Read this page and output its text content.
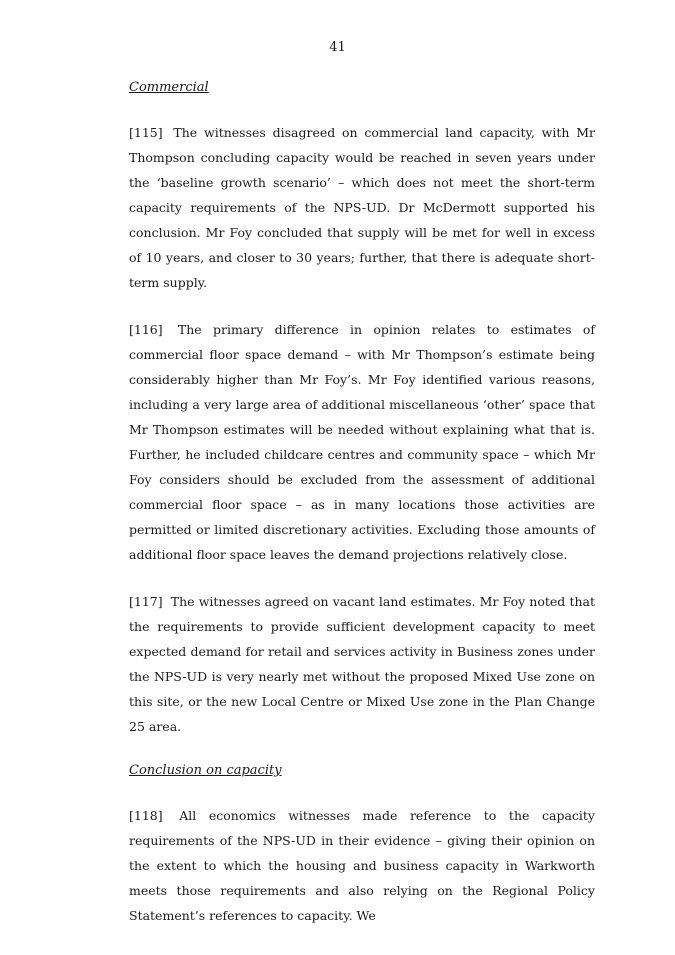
41
Commercial

[115] The witnesses disagreed on commercial land capacity, with Mr Thompson concluding capacity would be reached in seven years under the ‘baseline growth scenario’ – which does not meet the short-term capacity requirements of the NPS-UD. Dr McDermott supported his conclusion. Mr Foy concluded that supply will be met for well in excess of 10 years, and closer to 30 years; further, that there is adequate short-term supply.

[116] The primary difference in opinion relates to estimates of commercial floor space demand – with Mr Thompson’s estimate being considerably higher than Mr Foy’s. Mr Foy identified various reasons, including a very large area of additional miscellaneous ‘other’ space that Mr Thompson estimates will be needed without explaining what that is. Further, he included childcare centres and community space – which Mr Foy considers should be excluded from the assessment of additional commercial floor space – as in many locations those activities are permitted or limited discretionary activities. Excluding those amounts of additional floor space leaves the demand projections relatively close.

[117] The witnesses agreed on vacant land estimates. Mr Foy noted that the requirements to provide sufficient development capacity to meet expected demand for retail and services activity in Business zones under the NPS-UD is very nearly met without the proposed Mixed Use zone on this site, or the new Local Centre or Mixed Use zone in the Plan Change 25 area.

Conclusion on capacity

[118] All economics witnesses made reference to the capacity requirements of the NPS-UD in their evidence – giving their opinion on the extent to which the housing and business capacity in Warkworth meets those requirements and also relying on the Regional Policy Statement’s references to capacity. We
